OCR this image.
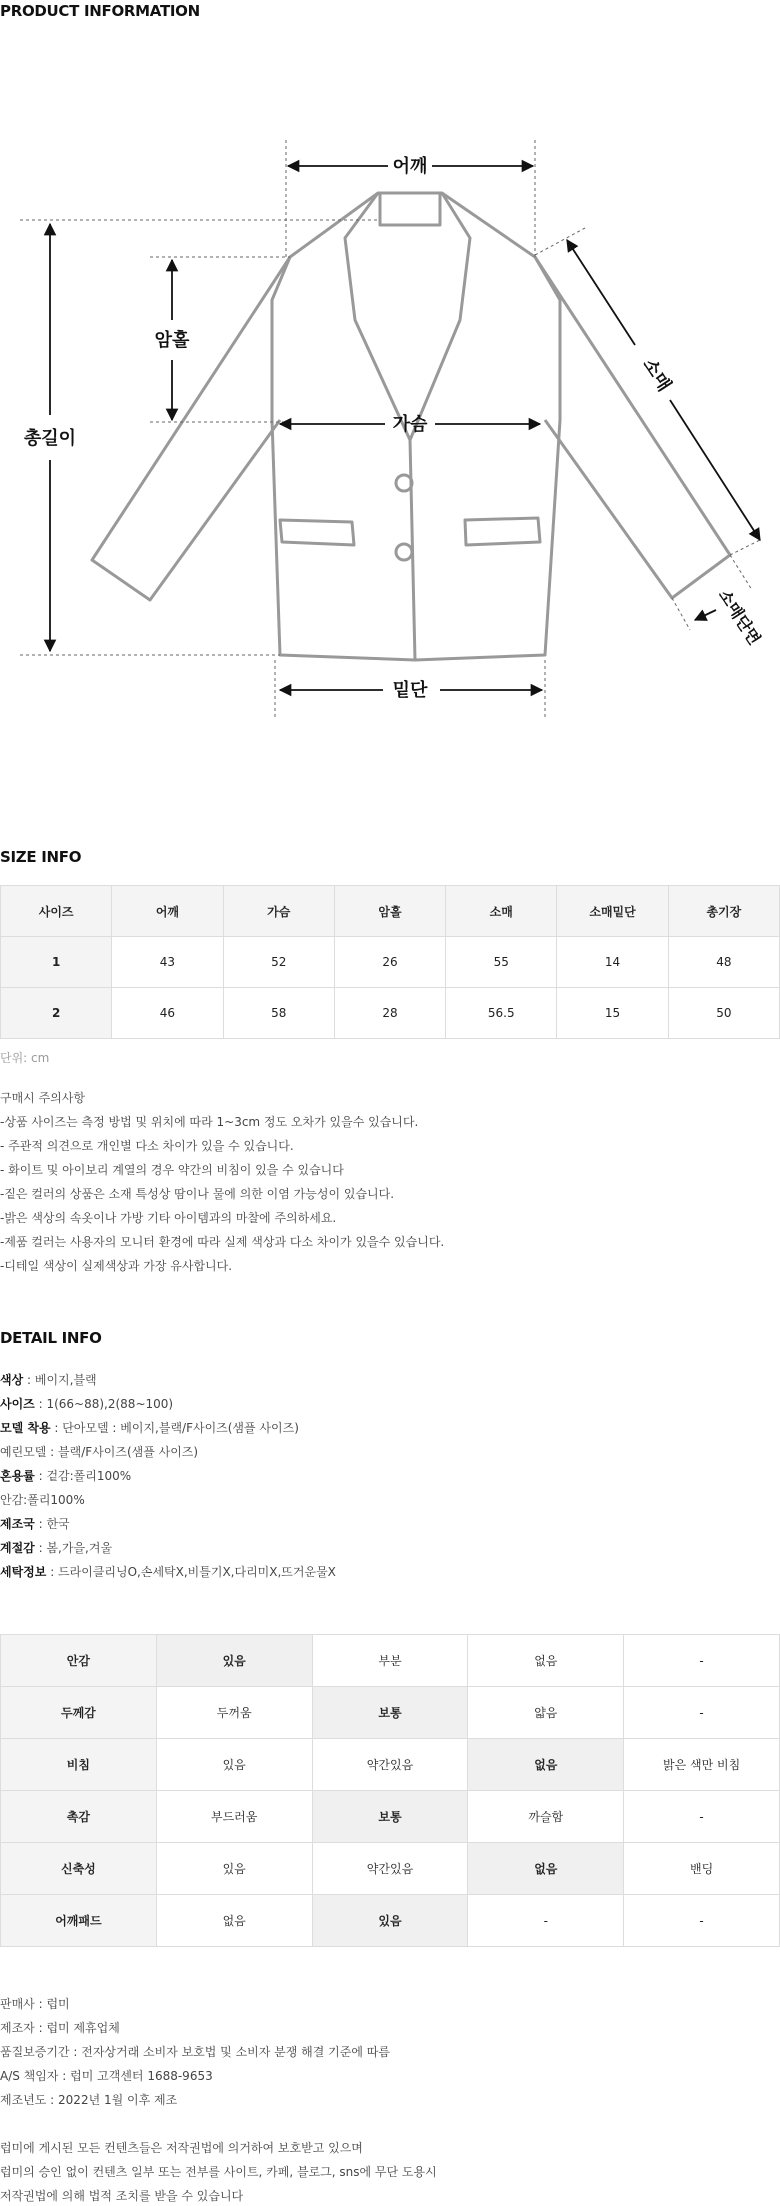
PRODUCT INFORMATION
어깨
총길이
암홀
가슴
밑단
소매
소매단면
SIZE INFO
사이즈	어깨	가슴	암홀	소매	소매밑단	총기장
1	43	52	26	55	14	48
2	46	58	28	56.5	15	50
단위: cm
구매시 주의사항
-상품 사이즈는 측정 방법 및 위치에 따라 1~3cm 정도 오차가 있을수 있습니다.
- 주관적 의견으로 개인별 다소 차이가 있을 수 있습니다.
- 화이트 및 아이보리 계열의 경우 약간의 비침이 있을 수 있습니다
-짙은 컬러의 상품은 소재 특성상 땀이나 물에 의한 이염 가능성이 있습니다.
-밝은 색상의 속옷이나 가방 기타 아이템과의 마찰에 주의하세요.
-제품 컬러는 사용자의 모니터 환경에 따라 실제 색상과 다소 차이가 있을수 있습니다.
-디테일 색상이 실제색상과 가장 유사합니다.
DETAIL INFO
색상 : 베이지,블랙
사이즈 : 1(66~88),2(88~100)
모델 착용 : 단아모델 : 베이지,블랙/F사이즈(샘플 사이즈)
예린모델 : 블랙/F사이즈(샘플 사이즈)
혼용률 : 겉감:폴리100%
안감:폴리100%
제조국 : 한국
계절감 : 봄,가을,겨울
세탁정보 : 드라이클리닝O,손세탁X,비틀기X,다리미X,뜨거운물X
안감	있음	부분	없음	-
두께감	두꺼움	보통	얇음	-
비침	있음	약간있음	없음	밝은 색만 비침
촉감	부드러움	보통	까슬함	-
신축성	있음	약간있음	없음	밴딩
어깨패드	없음	있음	-	-
판매사 : 럽미
제조자 : 럽미 제휴업체
품질보증기간 : 전자상거래 소비자 보호법 및 소비자 분쟁 해결 기준에 따름
A/S 책임자 : 럽미 고객센터 1688-9653
제조년도 : 2022년 1월 이후 제조
럽미에 게시된 모든 컨텐츠들은 저작권법에 의거하여 보호받고 있으며
럽미의 승인 없이 컨텐츠 일부 또는 전부를 사이트, 카페, 블로그, sns에 무단 도용시
저작권법에 의해 법적 조치를 받을 수 있습니다
